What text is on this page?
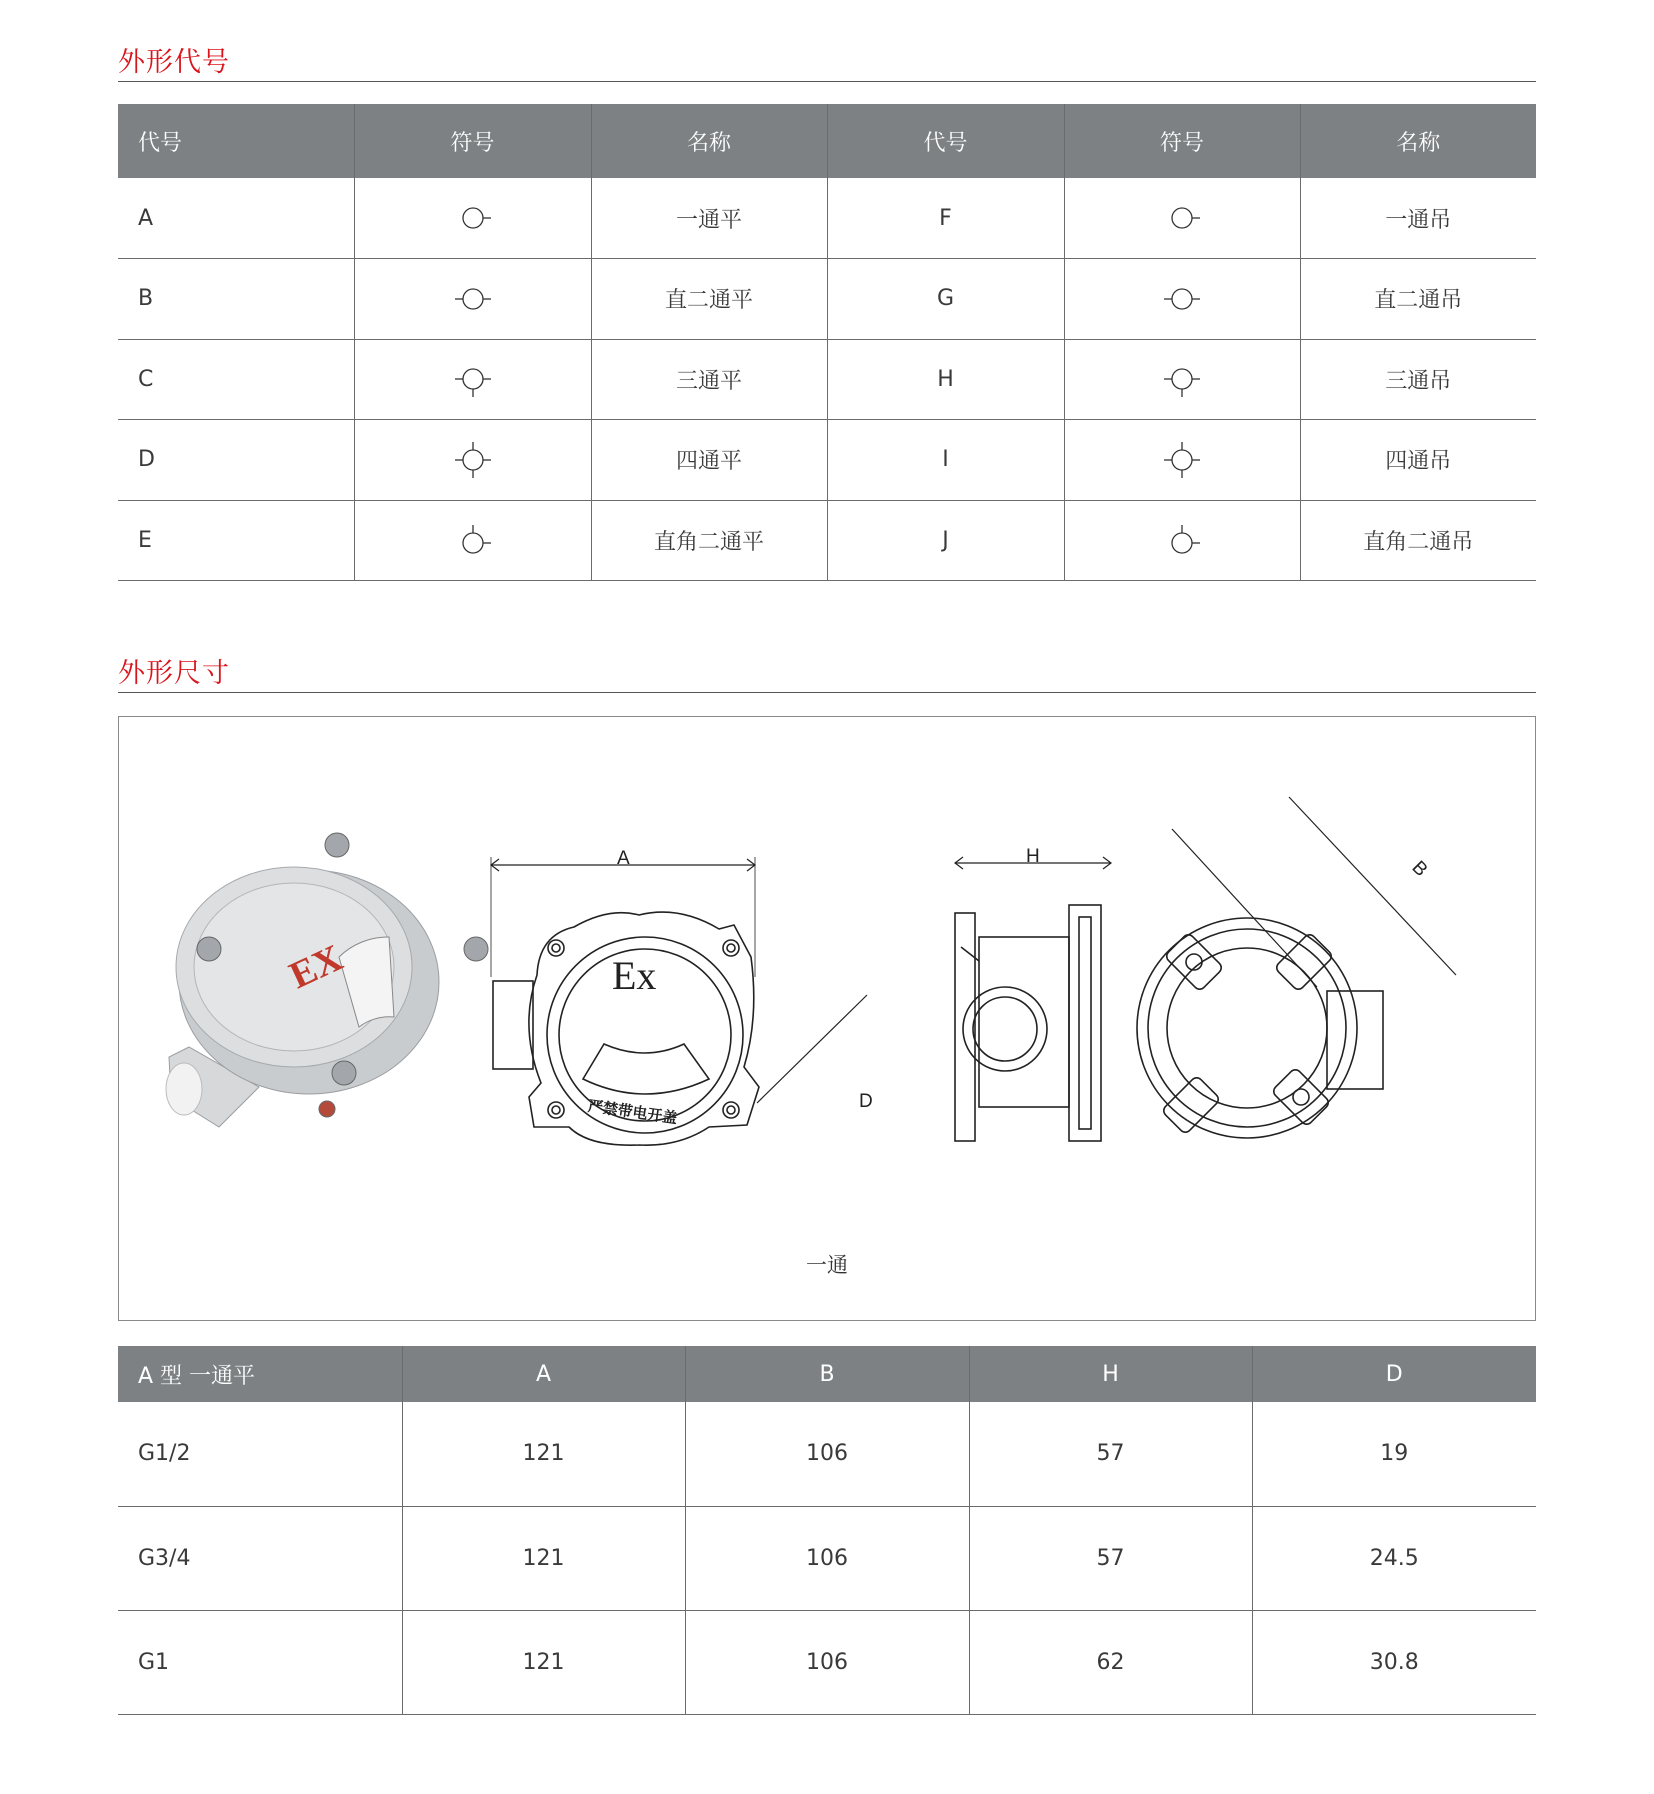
外形代号
代号	符号	名称	代号	符号	名称
A		一通平	F		一通吊
B		直二通平	G		直二通吊
C		三通平	H		三通吊
D		四通平	I		四通吊
E		直角二通平	J		直角二通吊
外形尺寸
EX
A
Ex
严禁带电开盖	D
H
B
一通
A 型 一通平	A	B	H	D
G1/2	121	106	57	19
G3/4	121	106	57	24.5
G1	121	106	62	30.8
